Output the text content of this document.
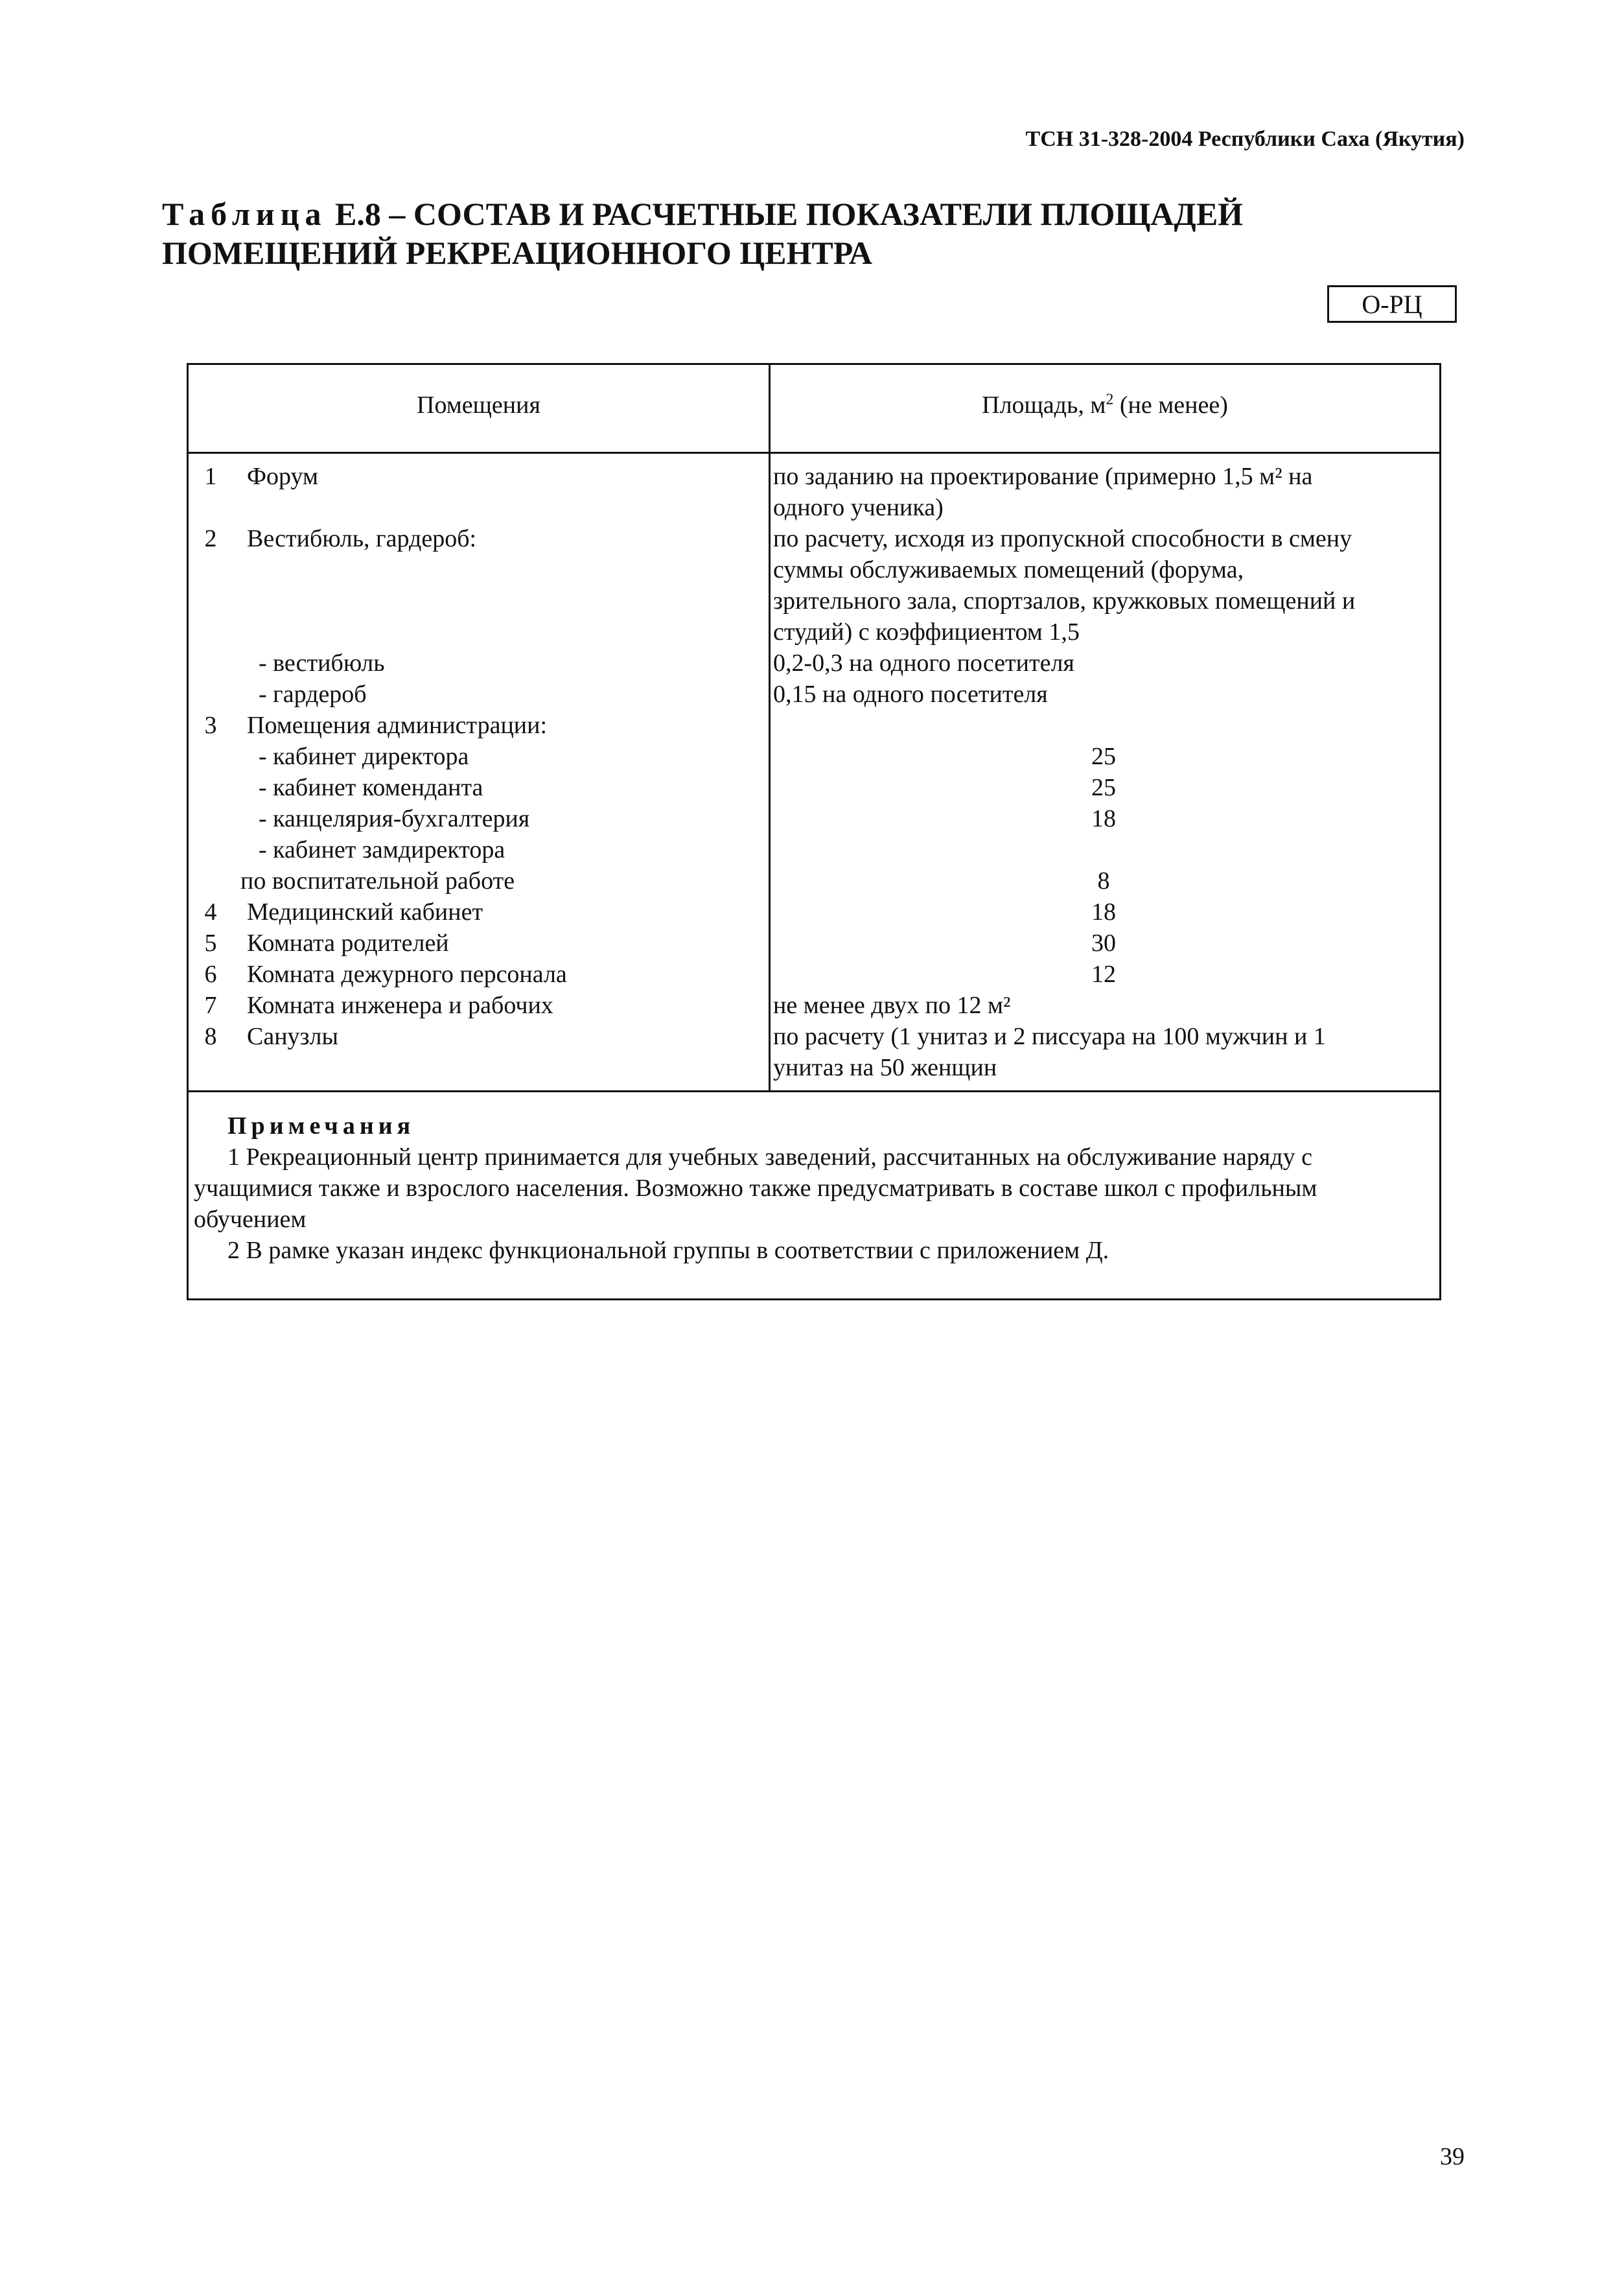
ТСН 31-328-2004 Республики Саха (Якутия)
Таблица Е.8 – СОСТАВ И РАСЧЕТНЫЕ ПОКАЗАТЕЛИ ПЛОЩАДЕЙ
ПОМЕЩЕНИЙ РЕКРЕАЦИОННОГО ЦЕНТРА
О-РЦ
Помещения	Площадь, $м^2$ (не менее)
1 Форум	по заданию на проектирование (примерно 1,5 м² на
одного ученика)
2 Вестибюль, гардероб:	по расчету, исходя из пропускной способности в смену
суммы обслуживаемых помещений (форума,
зрительного зала, спортзалов, кружковых помещений и
студий) с коэффициентом 1,5
- вестибюль	0,2-0,3 на одного посетителя
- гардероб	0,15 на одного посетителя
3 Помещения администрации:
- кабинет директора	25
- кабинет коменданта	25
- канцелярия-бухгалтерия	18
- кабинет замдиректора
по воспитательной работе	8
4 Медицинский кабинет	18
5 Комната родителей	30
6 Комната дежурного персонала	12
7 Комната инженера и рабочих	не менее двух по 12 м²
8 Санузлы	по расчету (1 унитаз и 2 писсуара на 100 мужчин и 1
унитаз на 50 женщин
Примечания
1 Рекреационный центр принимается для учебных заведений, рассчитанных на обслуживание наряду с учащимися также и взрослого населения. Возможно также предусматривать в составе школ с профильным обучением
2 В рамке указан индекс функциональной группы в соответствии с приложением Д.
39
